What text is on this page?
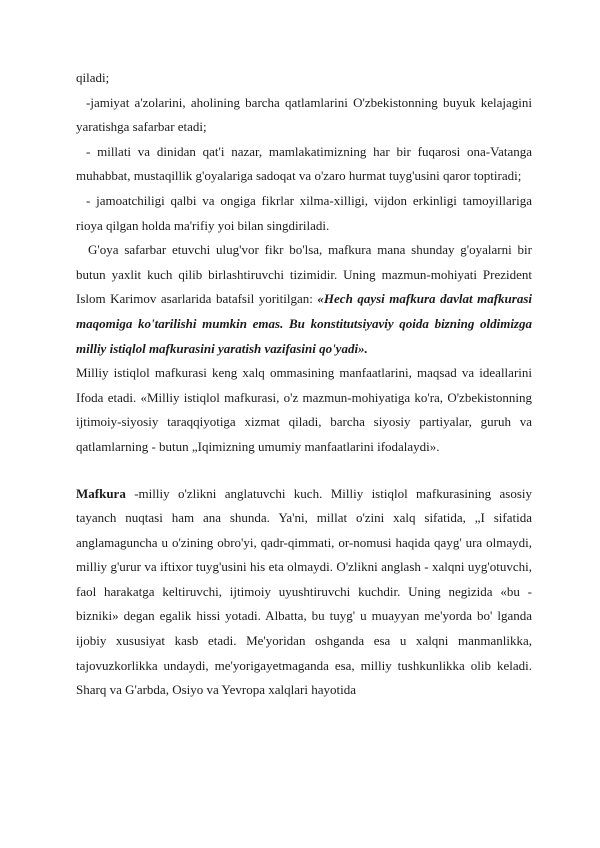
qiladi;

-jamiyat a'zolarini, aholining barcha qatlamlarini O'zbekistonning buyuk kelajagini yaratishga safarbar etadi;

- millati va dinidan qat'i nazar, mamlakatimizning har bir fuqarosi ona-Vatanga muhabbat, mustaqillik g'oyalariga sadoqat va o'zaro hurmat tuyg'usini qaror toptiradi;

- jamoatchiligi qalbi va ongiga fikrlar xilma-xilligi, vijdon erkinligi tamoyillariga rioya qilgan holda ma'rifiy yoi bilan singdiriladi.

G'oya safarbar etuvchi ulug'vor fikr bo'lsa, mafkura mana shunday g'oyalarni bir butun yaxlit kuch qilib birlashtiruvchi tizimidir. Uning mazmun-mohiyati Prezident Islom Karimov asarlarida batafsil yoritilgan: «Hech qaysi mafkura davlat mafkurasi maqomiga ko'tarilishi mumkin emas. Bu konstitutsiyaviy qoida bizning oldimizga milliy istiqlol mafkurasini yaratish vazifasini qo'yadi».

Milliy istiqlol mafkurasi keng xalq ommasining manfaatlarini, maqsad va ideallarini Ifoda etadi. «Milliy istiqlol mafkurasi, o'z mazmun-mohiyatiga ko'ra, O'zbekistonning ijtimoiy-siyosiy taraqqiyotiga xizmat qiladi, barcha siyosiy partiyalar, guruh va qatlamlarning - butun „Iqimizning umumiy manfaatlarini ifodalaydi».

Mafkura -milliy o'zlikni anglatuvchi kuch. Milliy istiqlol mafkurasining asosiy tayanch nuqtasi ham ana shunda. Ya'ni, millat o'zini xalq sifatida, „I sifatida anglamaguncha u o'zining obro'yi, qadr-qimmati, or-nomusi haqida qayg' ura olmaydi, milliy g'urur va iftixor tuyg'usini his eta olmaydi. O'zlikni anglash - xalqni uyg'otuvchi, faol harakatga keltiruvchi, ijtimoiy uyushtiruvchi kuchdir. Uning negizida «bu - bizniki» degan egalik hissi yotadi. Albatta, bu tuyg' u muayyan me'yorda bo' lganda ijobiy xususiyat kasb etadi. Me'yoridan oshganda esa u xalqni manmanlikka, tajovuzkorlikka undaydi, me'yorigayetmaganda esa, milliy tushkunlikka olib keladi. Sharq va G'arbda, Osiyo va Yevropa xalqlari hayotida
